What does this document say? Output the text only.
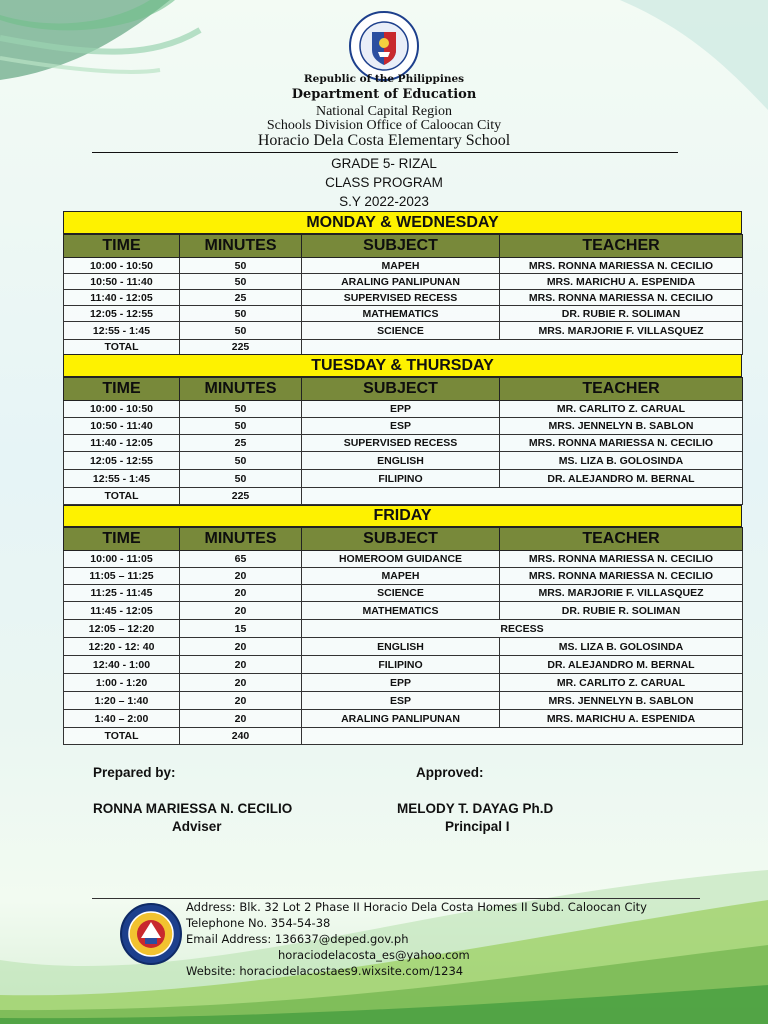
Republic of the Philippines
Department of Education
National Capital Region
Schools Division Office of Caloocan City
Horacio Dela Costa Elementary School
GRADE 5- RIZAL
CLASS PROGRAM
S.Y 2022-2023
MONDAY & WEDNESDAY
TIME	MINUTES	SUBJECT	TEACHER
10:00 - 10:50	50	MAPEH	MRS. RONNA MARIESSA N. CECILIO
10:50 - 11:40	50	ARALING PANLIPUNAN	MRS. MARICHU A. ESPENIDA
11:40 - 12:05	25	SUPERVISED RECESS	MRS. RONNA MARIESSA N. CECILIO
12:05 - 12:55	50	MATHEMATICS	DR. RUBIE R. SOLIMAN
12:55 - 1:45	50	SCIENCE	MRS. MARJORIE F. VILLASQUEZ
TOTAL	225		
TUESDAY & THURSDAY
TIME	MINUTES	SUBJECT	TEACHER
10:00 - 10:50	50	EPP	MR. CARLITO Z. CARUAL
10:50 - 11:40	50	ESP	MRS. JENNELYN B. SABLON
11:40 - 12:05	25	SUPERVISED RECESS	MRS. RONNA MARIESSA N. CECILIO
12:05 - 12:55	50	ENGLISH	MS. LIZA B. GOLOSINDA
12:55 - 1:45	50	FILIPINO	DR. ALEJANDRO M. BERNAL
TOTAL	225		
FRIDAY
TIME	MINUTES	SUBJECT	TEACHER
10:00 - 11:05	65	HOMEROOM GUIDANCE	MRS. RONNA MARIESSA N. CECILIO
11:05 – 11:25	20	MAPEH	MRS. RONNA MARIESSA N. CECILIO
11:25 - 11:45	20	SCIENCE	MRS. MARJORIE F. VILLASQUEZ
11:45 - 12:05	20	MATHEMATICS	DR. RUBIE R. SOLIMAN
12:05 – 12:20	15	RECESS	
12:20 - 12: 40	20	ENGLISH	MS. LIZA B. GOLOSINDA
12:40 - 1:00	20	FILIPINO	DR. ALEJANDRO M. BERNAL
1:00 - 1:20	20	EPP	MR. CARLITO Z. CARUAL
1:20 – 1:40	20	ESP	MRS. JENNELYN B. SABLON
1:40 – 2:00	20	ARALING PANLIPUNAN	MRS. MARICHU A. ESPENIDA
TOTAL	240		
Prepared by:	Approved:
RONNA MARIESSA N. CECILIO
Adviser
MELODY T. DAYAG Ph.D
Principal I
Address: Blk. 32 Lot 2 Phase II Horacio Dela Costa Homes II Subd. Caloocan City
Telephone No. 354-54-38
Email Address: 136637@deped.gov.ph
horaciodelacosta_es@yahoo.com
Website: horaciodelacostaes9.wixsite.com/1234
